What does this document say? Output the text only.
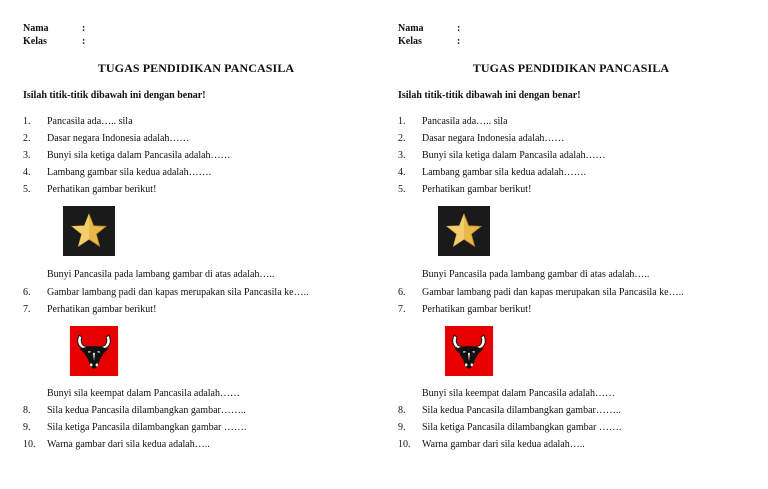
Nama	:
Kelas	:
TUGAS PENDIDIKAN PANCASILA
Isilah titik-titik dibawah ini dengan benar!
1. Pancasila ada….. sila
2. Dasar negara Indonesia adalah……
3. Bunyi sila ketiga dalam Pancasila adalah……
4. Lambang gambar sila kedua adalah…….
5. Perhatikan gambar berikut!
Bunyi Pancasila pada lambang gambar di atas adalah…..
6. Gambar lambang padi dan kapas merupakan sila Pancasila ke…..
7. Perhatikan gambar berikut!
Bunyi sila keempat dalam Pancasila adalah……
8. Sila kedua Pancasila dilambangkan gambar……..
9. Sila ketiga Pancasila dilambangkan gambar …….
10. Warna gambar dari sila kedua adalah…..
Nama	:
Kelas	:
TUGAS PENDIDIKAN PANCASILA
Isilah titik-titik dibawah ini dengan benar!
1. Pancasila ada….. sila
2. Dasar negara Indonesia adalah……
3. Bunyi sila ketiga dalam Pancasila adalah……
4. Lambang gambar sila kedua adalah…….
5. Perhatikan gambar berikut!
Bunyi Pancasila pada lambang gambar di atas adalah…..
6. Gambar lambang padi dan kapas merupakan sila Pancasila ke…..
7. Perhatikan gambar berikut!
Bunyi sila keempat dalam Pancasila adalah……
8. Sila kedua Pancasila dilambangkan gambar……..
9. Sila ketiga Pancasila dilambangkan gambar …….
10. Warna gambar dari sila kedua adalah…..
